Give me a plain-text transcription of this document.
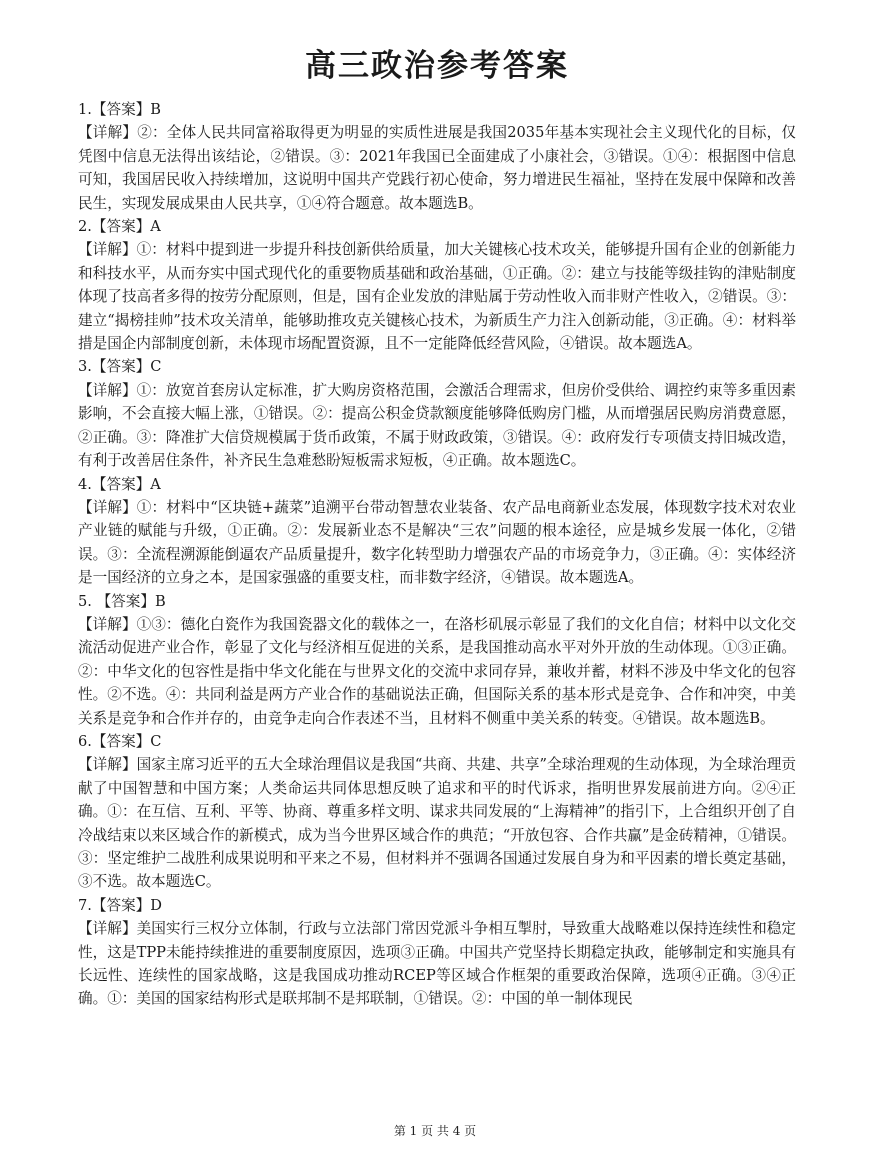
高三政治参考答案

1.【答案】B

【详解】②：全体人民共同富裕取得更为明显的实质性进展是我国2035年基本实现社会主义现代化的目标，仅凭图中信息无法得出该结论，②错误。③：2021年我国已全面建成了小康社会，③错误。①④：根据图中信息可知，我国居民收入持续增加，这说明中国共产党践行初心使命，努力增进民生福祉，坚持在发展中保障和改善民生，实现发展成果由人民共享，①④符合题意。故本题选B。

2.【答案】A

【详解】①：材料中提到进一步提升科技创新供给质量，加大关键核心技术攻关，能够提升国有企业的创新能力和科技水平，从而夯实中国式现代化的重要物质基础和政治基础，①正确。②：建立与技能等级挂钩的津贴制度体现了技高者多得的按劳分配原则，但是，国有企业发放的津贴属于劳动性收入而非财产性收入，②错误。③：建立“揭榜挂帅”技术攻关清单，能够助推攻克关键核心技术，为新质生产力注入创新动能，③正确。④：材料举措是国企内部制度创新，未体现市场配置资源，且不一定能降低经营风险，④错误。故本题选A。

3.【答案】C

【详解】①：放宽首套房认定标准，扩大购房资格范围，会激活合理需求，但房价受供给、调控约束等多重因素影响，不会直接大幅上涨，①错误。②：提高公积金贷款额度能够降低购房门槛，从而增强居民购房消费意愿，②正确。③：降准扩大信贷规模属于货币政策，不属于财政政策，③错误。④：政府发行专项债支持旧城改造，有利于改善居住条件，补齐民生急难愁盼短板需求短板，④正确。故本题选C。

4.【答案】A

【详解】①：材料中“区块链+蔬菜”追溯平台带动智慧农业装备、农产品电商新业态发展，体现数字技术对农业产业链的赋能与升级，①正确。②：发展新业态不是解决“三农”问题的根本途径，应是城乡发展一体化，②错误。③：全流程溯源能倒逼农产品质量提升，数字化转型助力增强农产品的市场竞争力，③正确。④：实体经济是一国经济的立身之本，是国家强盛的重要支柱，而非数字经济，④错误。故本题选A。

5. 【答案】B

【详解】①③：德化白瓷作为我国瓷器文化的载体之一，在洛杉矶展示彰显了我们的文化自信；材料中以文化交流活动促进产业合作，彰显了文化与经济相互促进的关系，是我国推动高水平对外开放的生动体现。①③正确。②：中华文化的包容性是指中华文化能在与世界文化的交流中求同存异，兼收并蓄，材料不涉及中华文化的包容性。②不选。④：共同利益是两方产业合作的基础说法正确，但国际关系的基本形式是竞争、合作和冲突，中美关系是竞争和合作并存的，由竞争走向合作表述不当，且材料不侧重中美关系的转变。④错误。故本题选B。

6.【答案】C

【详解】国家主席习近平的五大全球治理倡议是我国“共商、共建、共享”全球治理观的生动体现，为全球治理贡献了中国智慧和中国方案；人类命运共同体思想反映了追求和平的时代诉求，指明世界发展前进方向。②④正确。①：在互信、互利、平等、协商、尊重多样文明、谋求共同发展的“上海精神”的指引下，上合组织开创了自冷战结束以来区域合作的新模式，成为当今世界区域合作的典范；“开放包容、合作共赢”是金砖精神，①错误。③：坚定维护二战胜利成果说明和平来之不易，但材料并不强调各国通过发展自身为和平因素的增长奠定基础，③不选。故本题选C。

7.【答案】D

【详解】美国实行三权分立体制，行政与立法部门常因党派斗争相互掣肘，导致重大战略难以保持连续性和稳定性，这是TPP未能持续推进的重要制度原因，选项③正确。中国共产党坚持长期稳定执政，能够制定和实施具有长远性、连续性的国家战略，这是我国成功推动RCEP等区域合作框架的重要政治保障，选项④正确。③④正确。①：美国的国家结构形式是联邦制不是邦联制，①错误。②：中国的单一制体现民

第 1 页 共 4 页
